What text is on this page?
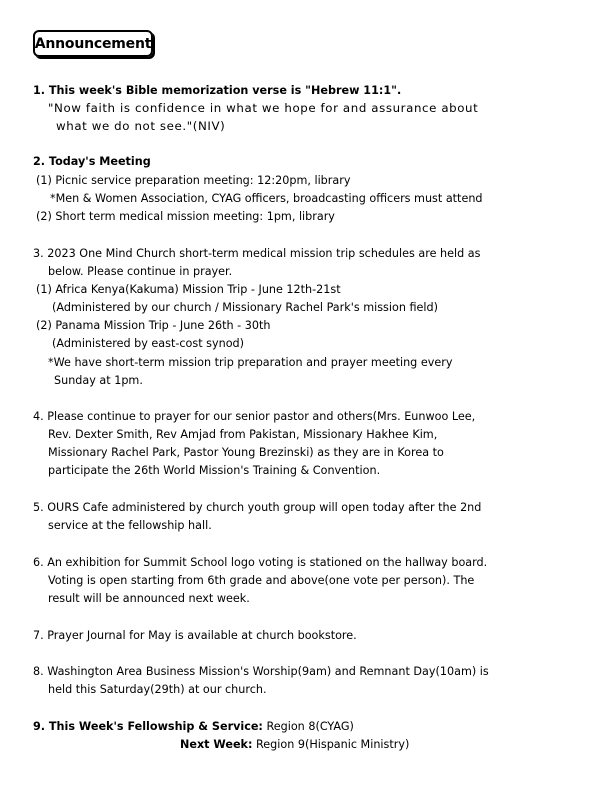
Announcement
1. This week's Bible memorization verse is "Hebrew 11:1".
"Now faith is confidence in what we hope for and assurance about
what we do not see."(NIV)
2. Today's Meeting
(1) Picnic service preparation meeting: 12:20pm, library
*Men & Women Association, CYAG officers, broadcasting officers must attend
(2) Short term medical mission meeting: 1pm, library
3. 2023 One Mind Church short-term medical mission trip schedules are held as
below. Please continue in prayer.
(1) Africa Kenya(Kakuma) Mission Trip - June 12th-21st
(Administered by our church / Missionary Rachel Park's mission field)
(2) Panama Mission Trip - June 26th - 30th
(Administered by east-cost synod)
*We have short-term mission trip preparation and prayer meeting every
Sunday at 1pm.
4. Please continue to prayer for our senior pastor and others(Mrs. Eunwoo Lee,
Rev. Dexter Smith, Rev Amjad from Pakistan, Missionary Hakhee Kim,
Missionary Rachel Park, Pastor Young Brezinski) as they are in Korea to
participate the 26th World Mission's Training & Convention.
5. OURS Cafe administered by church youth group will open today after the 2nd
service at the fellowship hall.
6. An exhibition for Summit School logo voting is stationed on the hallway board.
Voting is open starting from 6th grade and above(one vote per person). The
result will be announced next week.
7. Prayer Journal for May is available at church bookstore.
8. Washington Area Business Mission's Worship(9am) and Remnant Day(10am) is
held this Saturday(29th) at our church.
9. This Week's Fellowship & Service: Region 8(CYAG)
Next Week: Region 9(Hispanic Ministry)
